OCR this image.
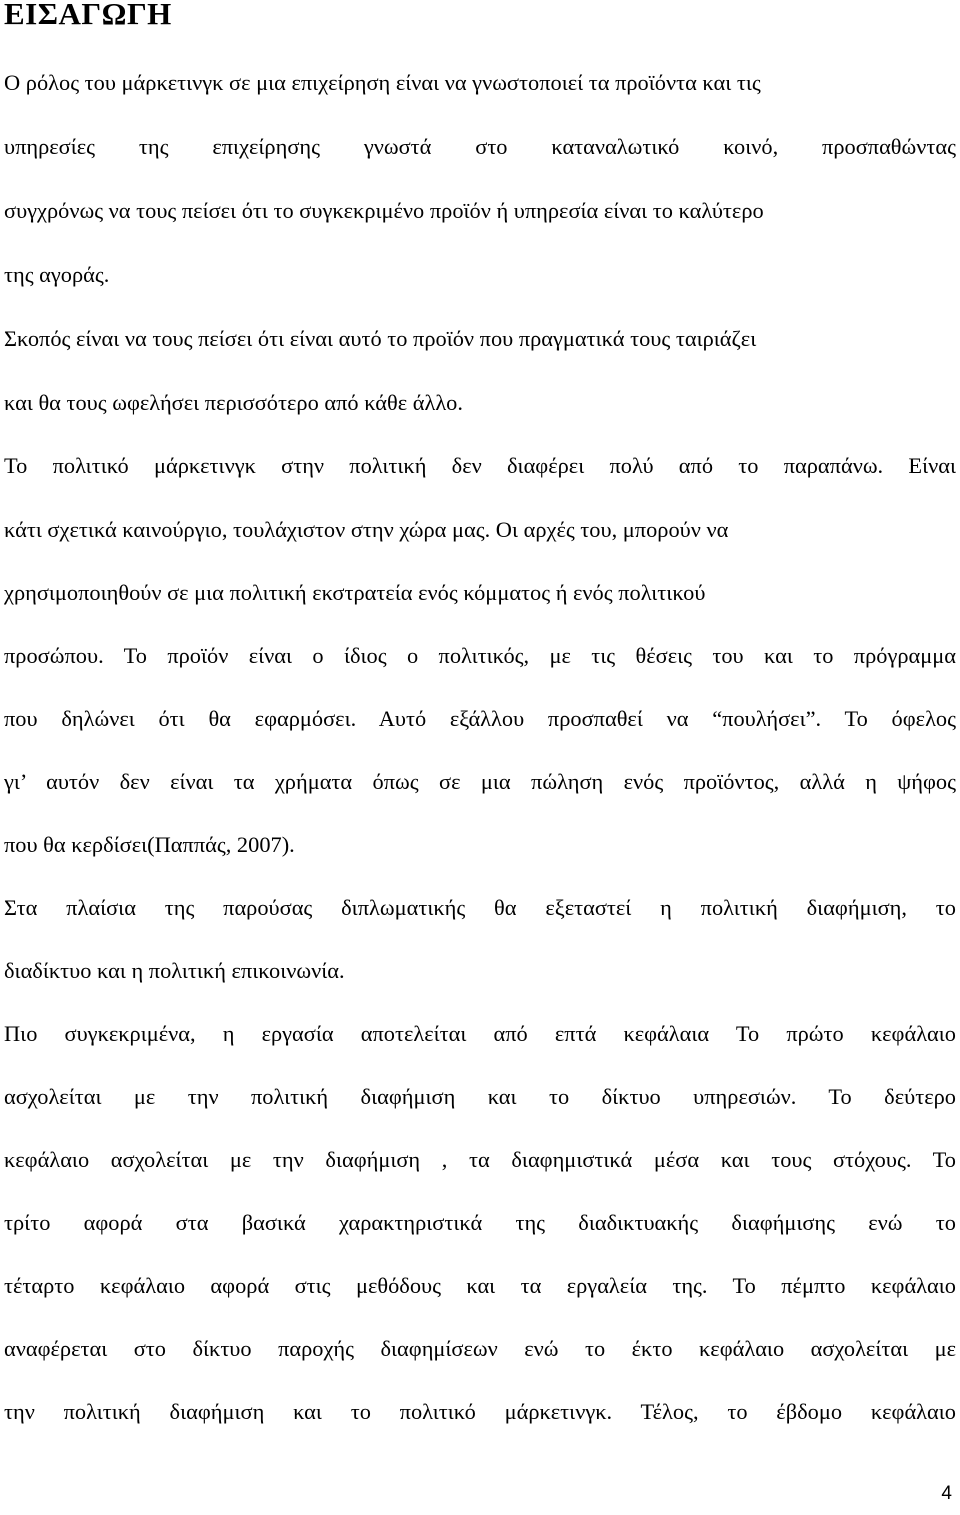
ΕΙΣΑΓΩΓΗ
Ο ρόλος του μάρκετινγκ σε μια επιχείρηση είναι να γνωστοποιεί τα προϊόντα και τις
υπηρεσίες της επιχείρησης γνωστά στο καταναλωτικό κοινό, προσπαθώντας
συγχρόνως να τους πείσει ότι το συγκεκριμένο προϊόν ή υπηρεσία είναι το καλύτερο
της αγοράς.
Σκοπός είναι να τους πείσει ότι είναι αυτό το προϊόν που πραγματικά τους ταιριάζει
και θα τους ωφελήσει περισσότερο από κάθε άλλο.
Το πολιτικό μάρκετινγκ στην πολιτική δεν διαφέρει πολύ από το παραπάνω. Είναι
κάτι σχετικά καινούργιο, τουλάχιστον στην χώρα μας. Οι αρχές του, μπορούν να
χρησιμοποιηθούν σε μια πολιτική εκστρατεία ενός κόμματος ή ενός πολιτικού
προσώπου. Το προϊόν είναι ο ίδιος ο πολιτικός, με τις θέσεις του και το πρόγραμμα
που δηλώνει ότι θα εφαρμόσει. Αυτό εξάλλου προσπαθεί να “πουλήσει”. Το όφελος
γι’ αυτόν δεν είναι τα χρήματα όπως σε μια πώληση ενός προϊόντος, αλλά η ψήφος
που θα κερδίσει(Παππάς, 2007).
Στα πλαίσια της παρούσας διπλωματικής θα εξεταστεί η πολιτική διαφήμιση, το
διαδίκτυο και η πολιτική επικοινωνία.
Πιο συγκεκριμένα, η εργασία αποτελείται από επτά κεφάλαια Το πρώτο κεφάλαιο
ασχολείται με την πολιτική διαφήμιση και το δίκτυο υπηρεσιών. Το δεύτερο
κεφάλαιο ασχολείται με την διαφήμιση , τα διαφημιστικά μέσα και τους στόχους. Το
τρίτο αφορά στα βασικά χαρακτηριστικά της διαδικτυακής διαφήμισης ενώ το
τέταρτο κεφάλαιο αφορά στις μεθόδους και τα εργαλεία της. Το πέμπτο κεφάλαιο
αναφέρεται στο δίκτυο παροχής διαφημίσεων ενώ το έκτο κεφάλαιο ασχολείται με
την πολιτική διαφήμιση και το πολιτικό μάρκετινγκ. Τέλος, το έβδομο κεφάλαιο
4
